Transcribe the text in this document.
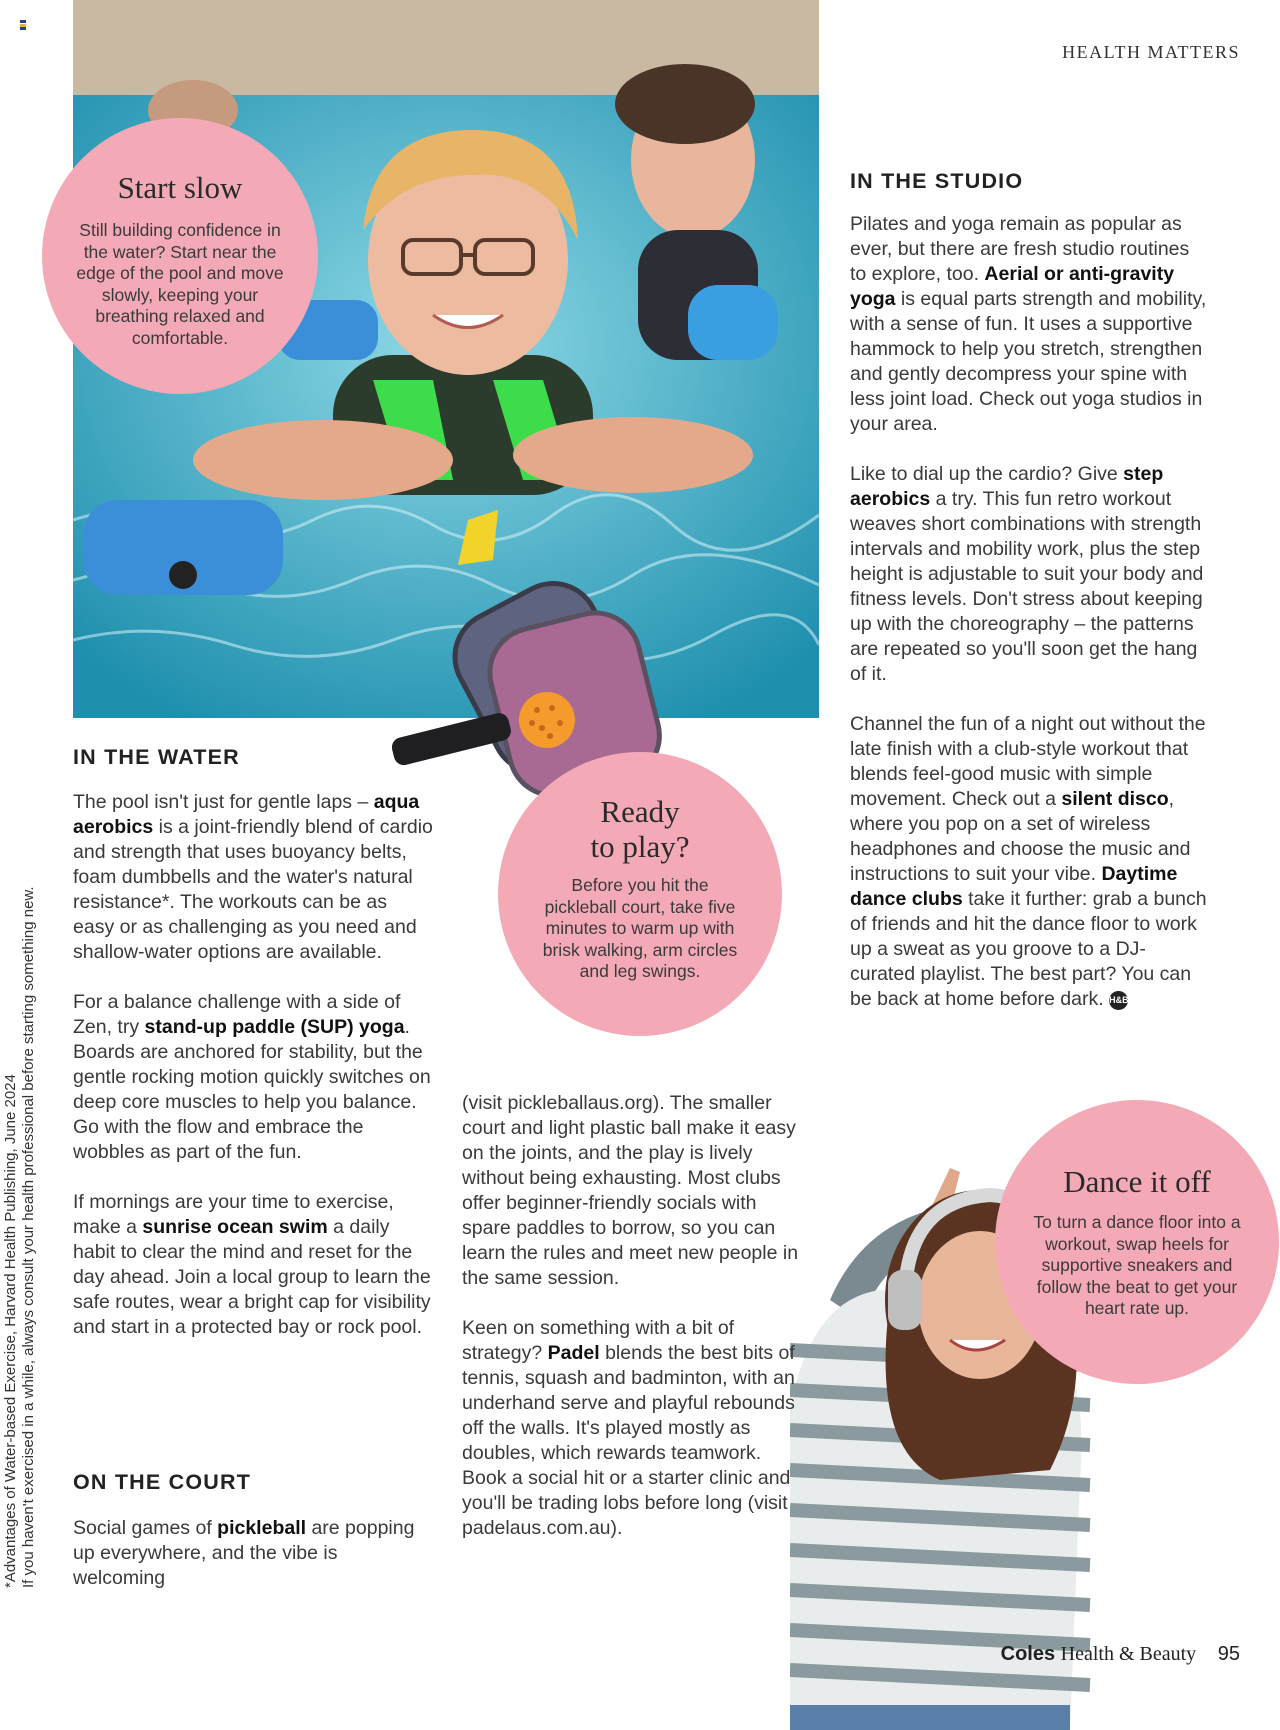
HEALTH MATTERS
Start slow
Still building confidence in the water? Start near the edge of the pool and move slowly, keeping your breathing relaxed and comfortable.
Ready
to play?
Before you hit the pickleball court, take five minutes to warm up with brisk walking, arm circles and leg swings.
Dance it off
To turn a dance floor into a workout, swap heels for supportive sneakers and follow the beat to get your heart rate up.
IN THE WATER

The pool isn't just for gentle laps – aqua aerobics is a joint-friendly blend of cardio and strength that uses buoyancy belts, foam dumbbells and the water's natural resistance*. The workouts can be as easy or as challenging as you need and shallow-water options are available.

For a balance challenge with a side of Zen, try stand-up paddle (SUP) yoga. Boards are anchored for stability, but the gentle rocking motion quickly switches on deep core muscles to help you balance. Go with the flow and embrace the wobbles as part of the fun.

If mornings are your time to exercise, make a sunrise ocean swim a daily habit to clear the mind and reset for the day ahead. Join a local group to learn the safe routes, wear a bright cap for visibility and start in a protected bay or rock pool.

ON THE COURT
Social games of pickleball are popping up everywhere, and the vibe is welcoming

(visit pickleballaus.org). The smaller court and light plastic ball make it easy on the joints, and the play is lively without being exhausting. Most clubs offer beginner-friendly socials with spare paddles to borrow, so you can learn the rules and meet new people in the same session.

Keen on something with a bit of strategy? Padel blends the best bits of tennis, squash and badminton, with an underhand serve and playful rebounds off the walls. It's played mostly as doubles, which rewards teamwork. Book a social hit or a starter clinic and you'll be trading lobs before long (visit padelaus.com.au).

IN THE STUDIO

Pilates and yoga remain as popular as ever, but there are fresh studio routines to explore, too. Aerial or anti-gravity yoga is equal parts strength and mobility, with a sense of fun. It uses a supportive hammock to help you stretch, strengthen and gently decompress your spine with less joint load. Check out yoga studios in your area.

Like to dial up the cardio? Give step aerobics a try. This fun retro workout weaves short combinations with strength intervals and mobility work, plus the step height is adjustable to suit your body and fitness levels. Don't stress about keeping up with the choreography – the patterns are repeated so you'll soon get the hang of it.

Channel the fun of a night out without the late finish with a club-style workout that blends feel-good music with simple movement. Check out a silent disco, where you pop on a set of wireless headphones and choose the music and instructions to suit your vibe. Daytime dance clubs take it further: grab a bunch of friends and hit the dance floor to work up a sweat as you groove to a DJ-curated playlist. The best part? You can be back at home before dark. H&B

*Advantages of Water-based Exercise, Harvard Health Publishing, June 2024 If you haven't exercised in a while, always consult your health professional before starting something new.
Coles Health & Beauty 95
